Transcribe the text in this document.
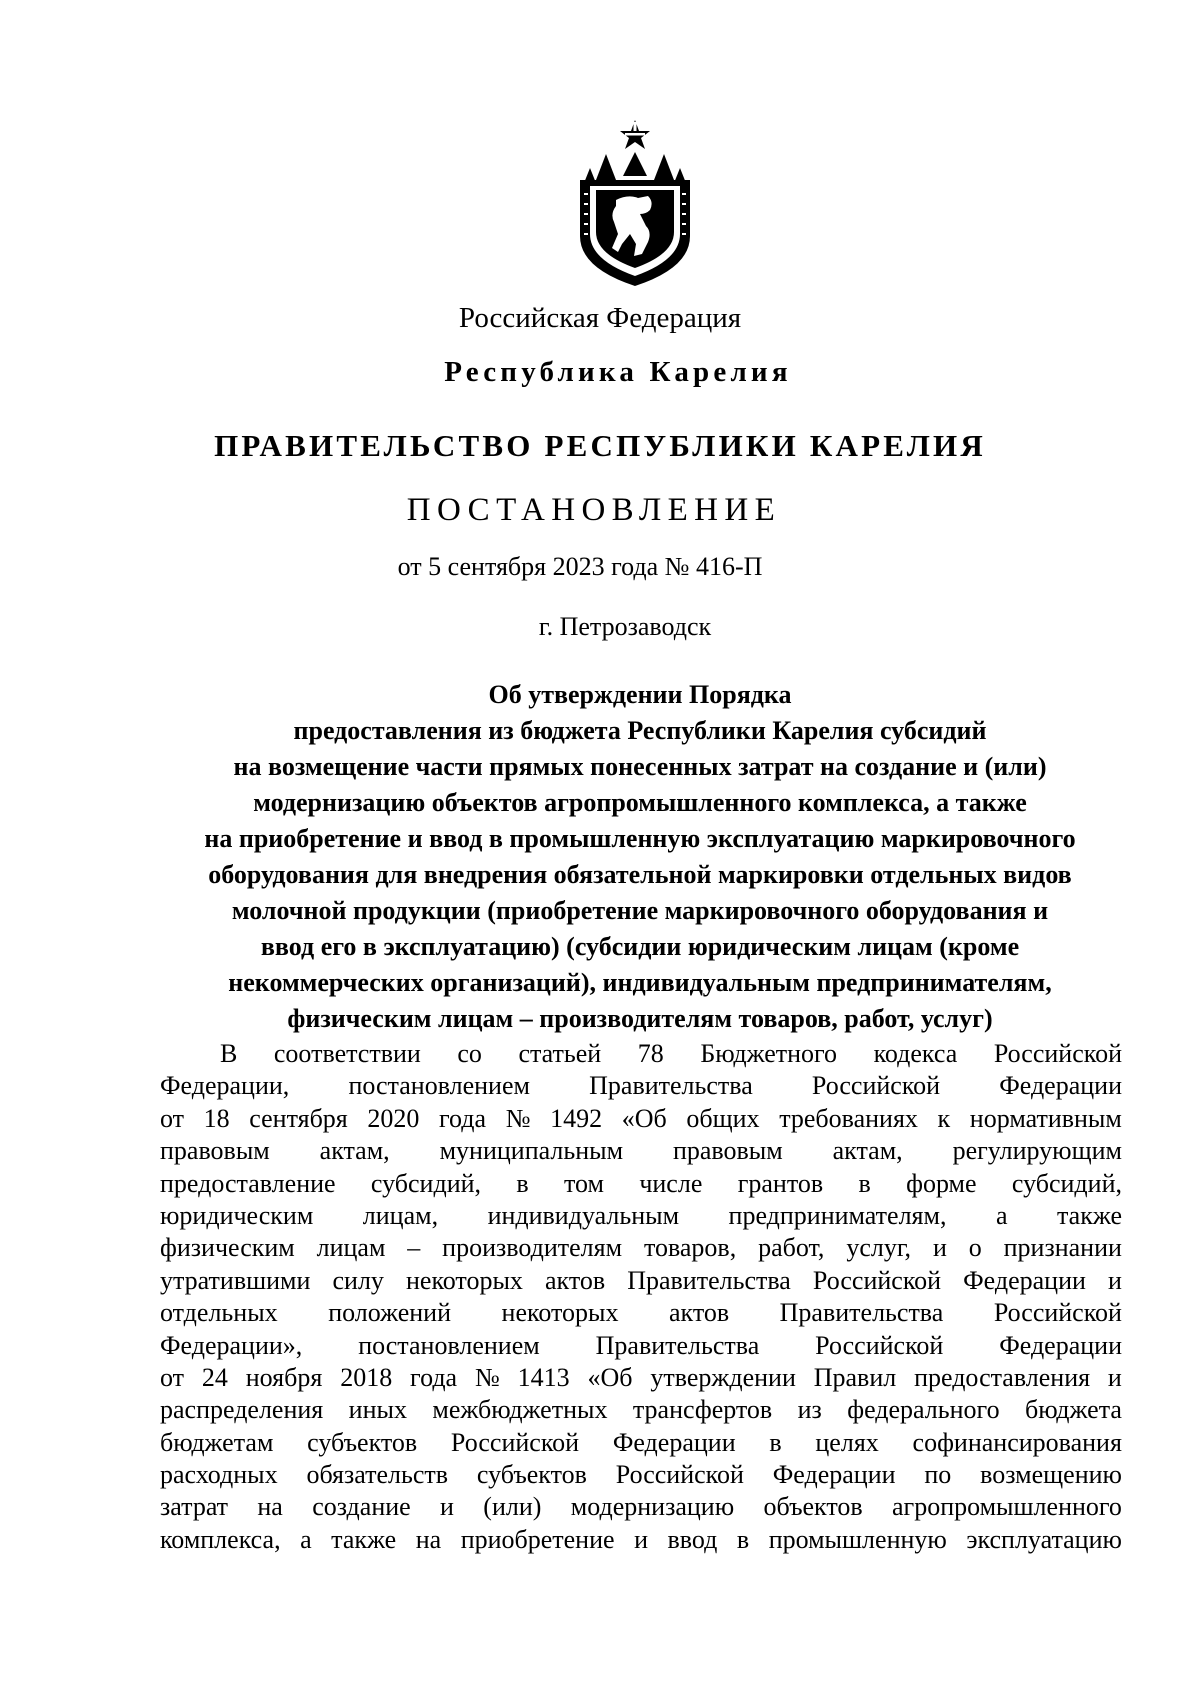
Российская Федерация
Республика Карелия
ПРАВИТЕЛЬСТВО РЕСПУБЛИКИ КАРЕЛИЯ
ПОСТАНОВЛЕНИЕ
от 5 сентября 2023 года № 416-П
г. Петрозаводск
Об утверждении Порядка
предоставления из бюджета Республики Карелия субсидий
на возмещение части прямых понесенных затрат на создание и (или)
модернизацию объектов агропромышленного комплекса, а также
на приобретение и ввод в промышленную эксплуатацию маркировочного
оборудования для внедрения обязательной маркировки отдельных видов
молочной продукции (приобретение маркировочного оборудования и
ввод его в эксплуатацию) (субсидии юридическим лицам (кроме
некоммерческих организаций), индивидуальным предпринимателям,
физическим лицам – производителям товаров, работ, услуг)
В соответствии со статьей 78 Бюджетного кодекса Российской
Федерации, постановлением Правительства Российской Федерации
от 18 сентября 2020 года № 1492 «Об общих требованиях к нормативным
правовым актам, муниципальным правовым актам, регулирующим
предоставление субсидий, в том числе грантов в форме субсидий,
юридическим лицам, индивидуальным предпринимателям, а также
физическим лицам – производителям товаров, работ, услуг, и о признании
утратившими силу некоторых актов Правительства Российской Федерации и
отдельных положений некоторых актов Правительства Российской
Федерации», постановлением Правительства Российской Федерации
от 24 ноября 2018 года № 1413 «Об утверждении Правил предоставления и
распределения иных межбюджетных трансфертов из федерального бюджета
бюджетам субъектов Российской Федерации в целях софинансирования
расходных обязательств субъектов Российской Федерации по возмещению
затрат на создание и (или) модернизацию объектов агропромышленного
комплекса, а также на приобретение и ввод в промышленную эксплуатацию
